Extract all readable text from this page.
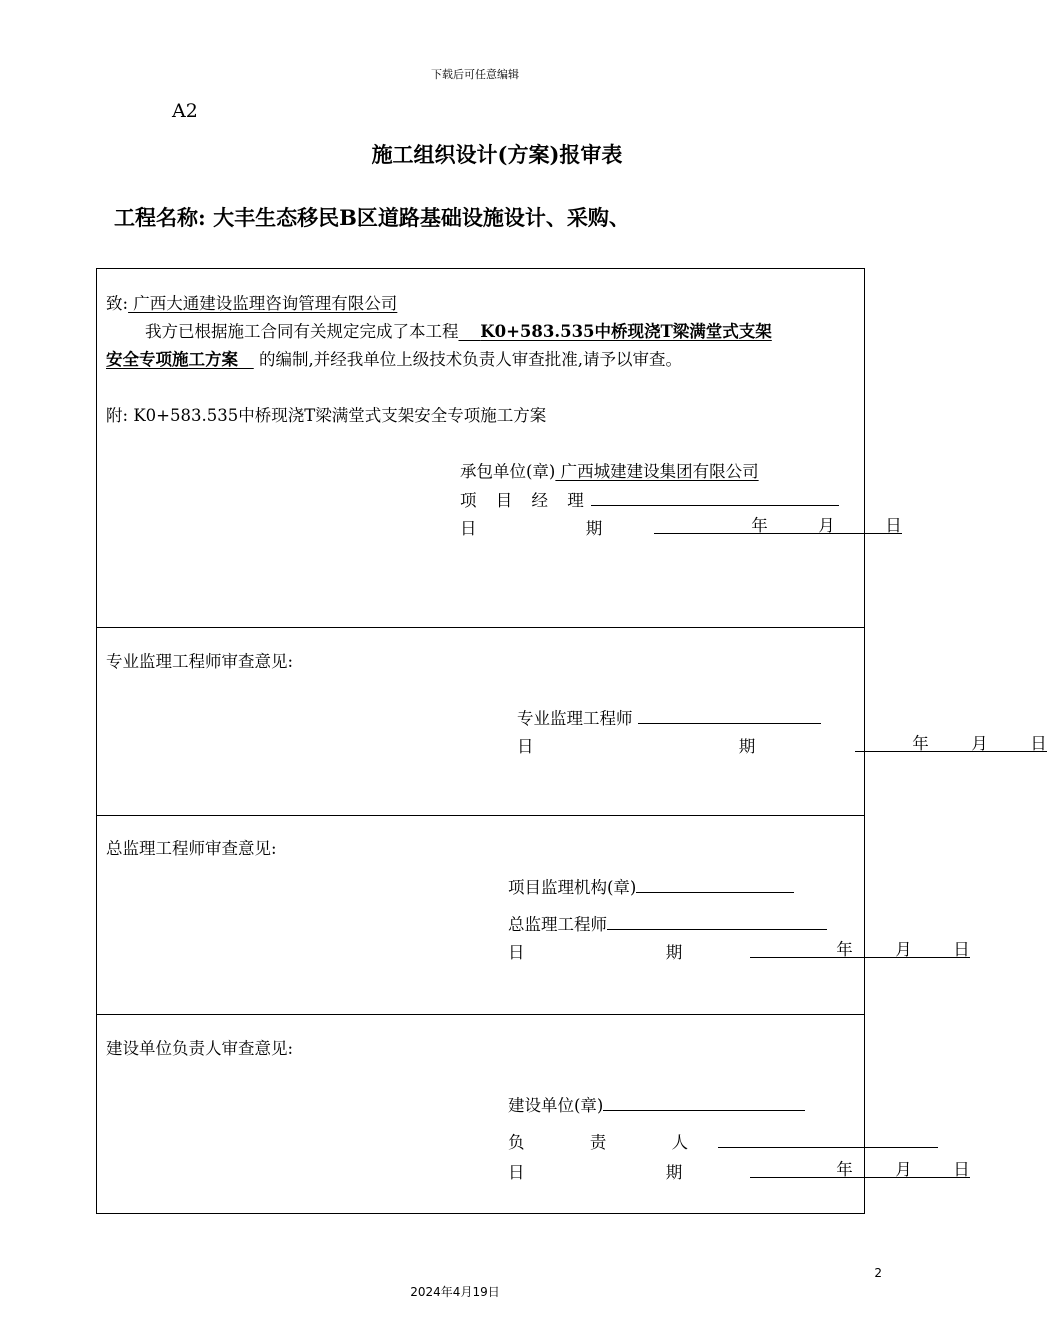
下载后可任意编辑
A2
施工组织设计(方案)报审表
工程名称: 大丰生态移民B区道路基础设施设计、采购、
致: 广西大通建设监理咨询管理有限公司
我方已根据施工合同有关规定完成了本工程  K0+583.535中桥现浇T梁满堂式支架
安全专项施工方案 的编制,并经我单位上级技术负责人审查批准,请予以审查。
附: K0+583.535中桥现浇T梁满堂式支架安全专项施工方案
承包单位(章) 广西城建建设集团有限公司
项 目 经 理
日 期	年	月	日
专业监理工程师审查意见:
专业监理工程师
日 期	年	月	日
总监理工程师审查意见:
项目监理机构(章)
总监理工程师
日 期	年	月	日
建设单位负责人审查意见:
建设单位(章)
负 责 人
日 期	年	月	日
2
2024年4月19日
